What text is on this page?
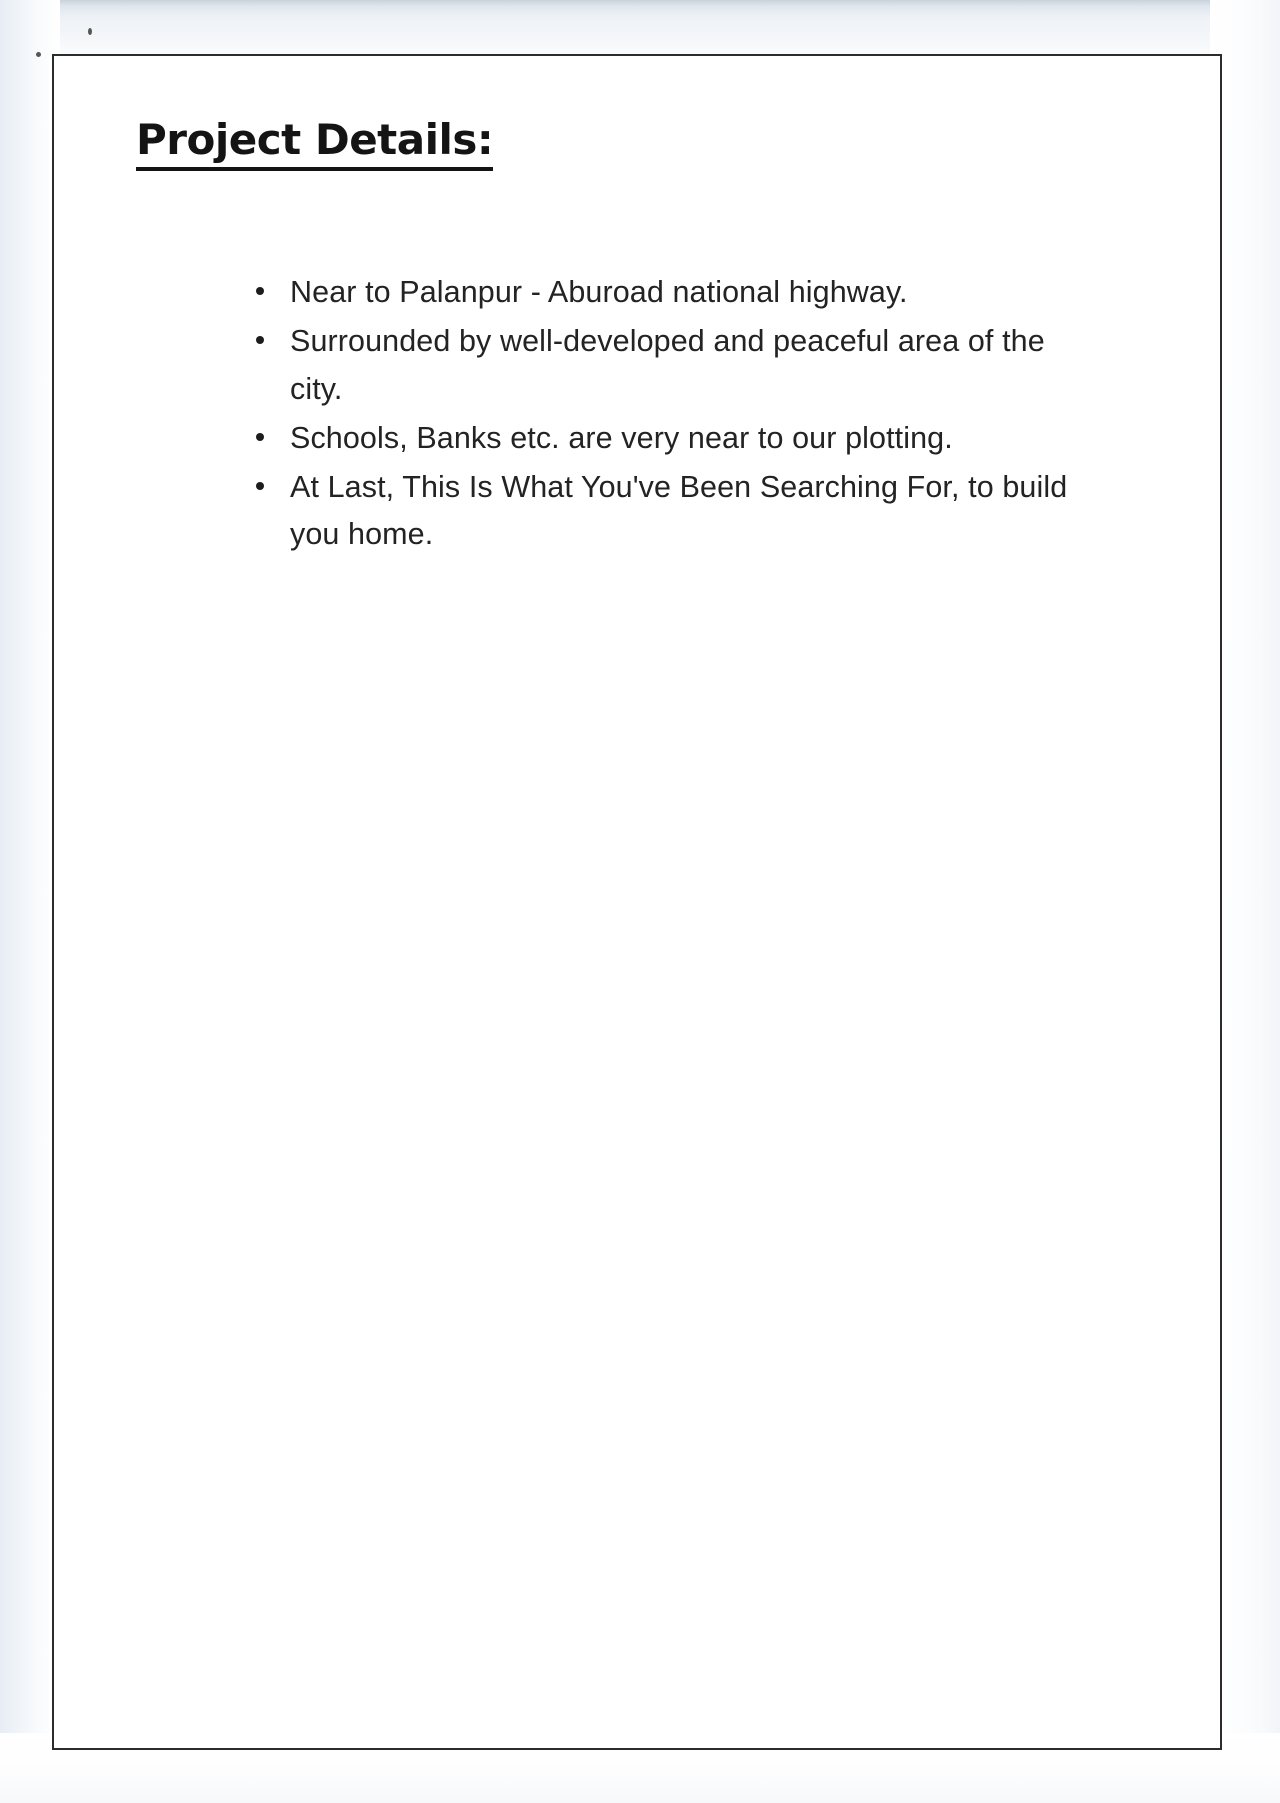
Project Details:
Near to Palanpur - Aburoad national highway.
Surrounded by well-developed and peaceful area of the city.
Schools, Banks etc. are very near to our plotting.
At Last, This Is What You've Been Searching For, to build you home.
